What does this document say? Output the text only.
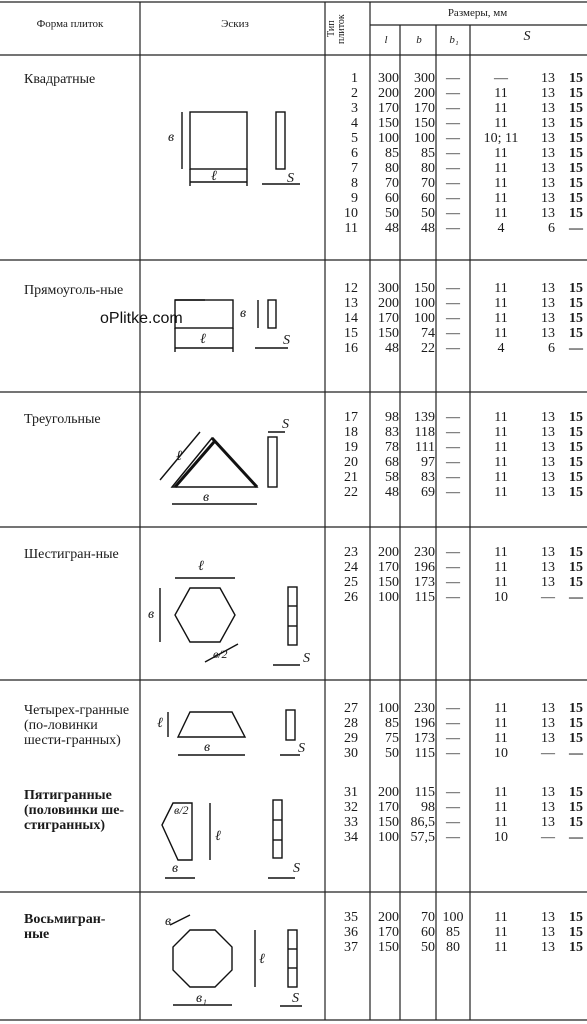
Форма плиток	Эскиз	Тип плиток
Размеры, мм
l	b	b₁	S
Квадратные
Прямоуголь-ные
Треугольные
Шестигран-ные
Четырех-гранные (по-ловинки шести-гранных)
Пятигранные (половинки ше-стигранных)
Восьмигран-ные
oPlitke.com
в
ℓ	S
в
ℓ	S
ℓ
в
S
ℓ
в
в/2	S
ℓ
в	S
в/2
ℓ
в	S
в
ℓ
в₁	S
1	300	300 —	—	13	15
2	200	200 —	11	13	15
3	170	170 —	11	13	15
4	150	150 —	11	13	15
5	100	100 —	10; 11	13	15
6	85	85 —	11	13	15
7	80	80 —	11	13	15
8	70	70 —	11	13	15
9	60	60 —	11	13	15
10	50	50 —	11	13	15
11	48	48 —	4	6	—
12	300	150 —	11	13	15
13	200	100 —	11	13	15
14	170	100 —	11	13	15
15	150	74 —	11	13	15
16	48	22 —	4	6	—
17	98	139 —	11	13	15
18	83	118 —	11	13	15
19	78	111 —	11	13	15
20	68	97 —	11	13	15
21	58	83 —	11	13	15
22	48	69 —	11	13	15
23	200	230 —	11	13	15
24	170	196 —	11	13	15
25	150	173 —	11	13	15
26	100	115 —	10	—	—
27	100	230 —	11	13	15
28	85	196 —	11	13	15
29	75	173 —	11	13	15
30	50	115 —	10	—	—
31	200	115 —	11	13	15
32	170	98 —	11	13	15
33	150 86,5 —	11	13	15
34	100 57,5 —	10	—	—
35	200	70 100	11	13	15
36	170	60 85	11	13	15
37	150	50 80	11	13	15
